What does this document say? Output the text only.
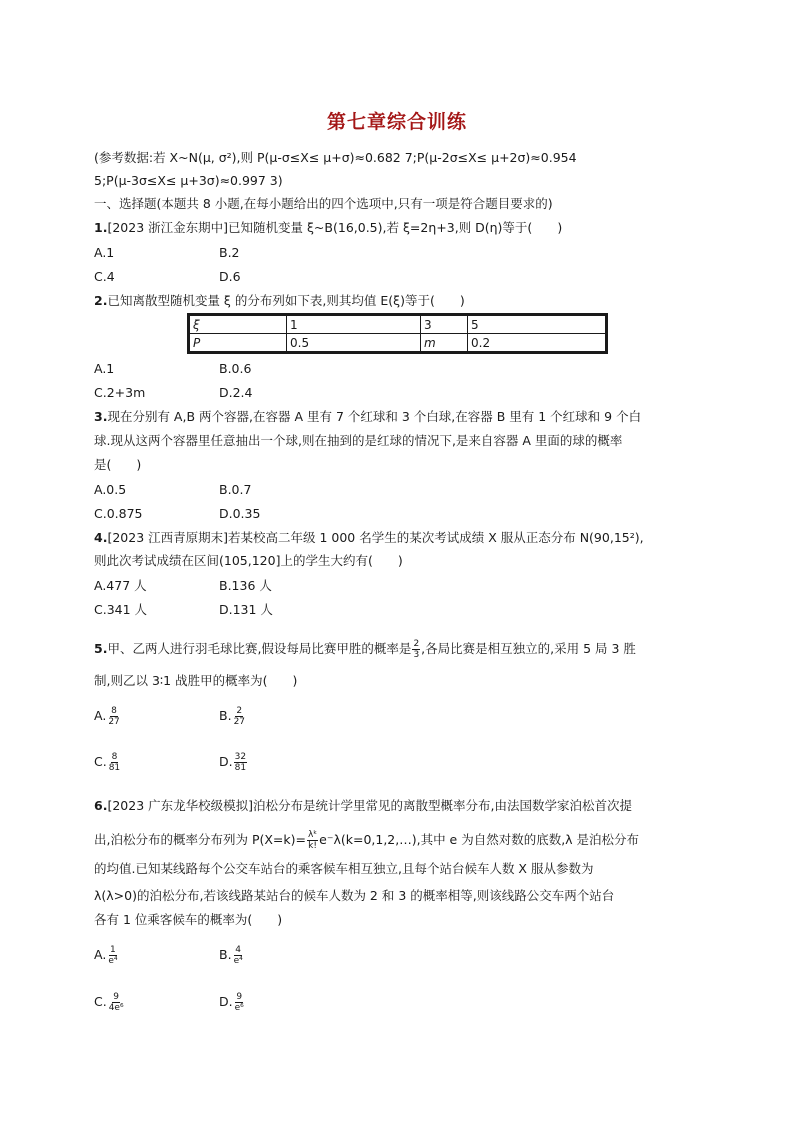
第七章综合训练
(参考数据:若 X~N(μ, σ²),则 P(μ-σ≤X≤ μ+σ)≈0.682 7;P(μ-2σ≤X≤ μ+2σ)≈0.954
5;P(μ-3σ≤X≤ μ+3σ)≈0.997 3)
一、选择题(本题共 8 小题,在每小题给出的四个选项中,只有一项是符合题目要求的)
1.[2023 浙江金东期中]已知随机变量 ξ~B(16,0.5),若 ξ=2η+3,则 D(η)等于(　　)
A.1	B.2
C.4	D.6
2.已知离散型随机变量 ξ 的分布列如下表,则其均值 E(ξ)等于(　　)
ξ	1	3	5
P	0.5	m	0.2
A.1	B.0.6
C.2+3m	D.2.4
3.现在分别有 A,B 两个容器,在容器 A 里有 7 个红球和 3 个白球,在容器 B 里有 1 个红球和 9 个白
球.现从这两个容器里任意抽出一个球,则在抽到的是红球的情况下,是来自容器 A 里面的球的概率
是(　　)
A.0.5	B.0.7
C.0.875	D.0.35
4.[2023 江西青原期末]若某校高二年级 1 000 名学生的某次考试成绩 X 服从正态分布 N(90,15²),
则此次考试成绩在区间(105,120]上的学生大约有(　　)
A.477 人	B.136 人
C.341 人	D.131 人
5.甲、乙两人进行羽毛球比赛,假设每局比赛甲胜的概率是 $\frac{2}{3}$ ,各局比赛是相互独立的,采用 5 局 3 胜
制,则乙以 3∶1 战胜甲的概率为(　　)
A. $\frac{8}{27}$	B. $\frac{2}{27}$
C. $\frac{8}{81}$	D. $\frac{32}{81}$
6.[2023 广东龙华校级模拟]泊松分布是统计学里常见的离散型概率分布,由法国数学家泊松首次提
出,泊松分布的概率分布列为 $P(X=k)= \frac{\text{λᵏ}}{k!}$ e⁻λ(k=0,1,2,…),其中 e 为自然对数的底数,λ 是泊松分布
的均值.已知某线路每个公交车站台的乘客候车相互独立,且每个站台候车人数 X 服从参数为
λ(λ>0)的泊松分布,若该线路某站台的候车人数为 2 和 3 的概率相等,则该线路公交车两个站台
各有 1 位乘客候车的概率为(　　)
A. $\frac{1}{\text{e⁴}}$	B. $\frac{4}{\text{e⁴}}$
C. $\frac{9}{\text{4e⁶}}$	D. $\frac{9}{\text{e⁶}}$
